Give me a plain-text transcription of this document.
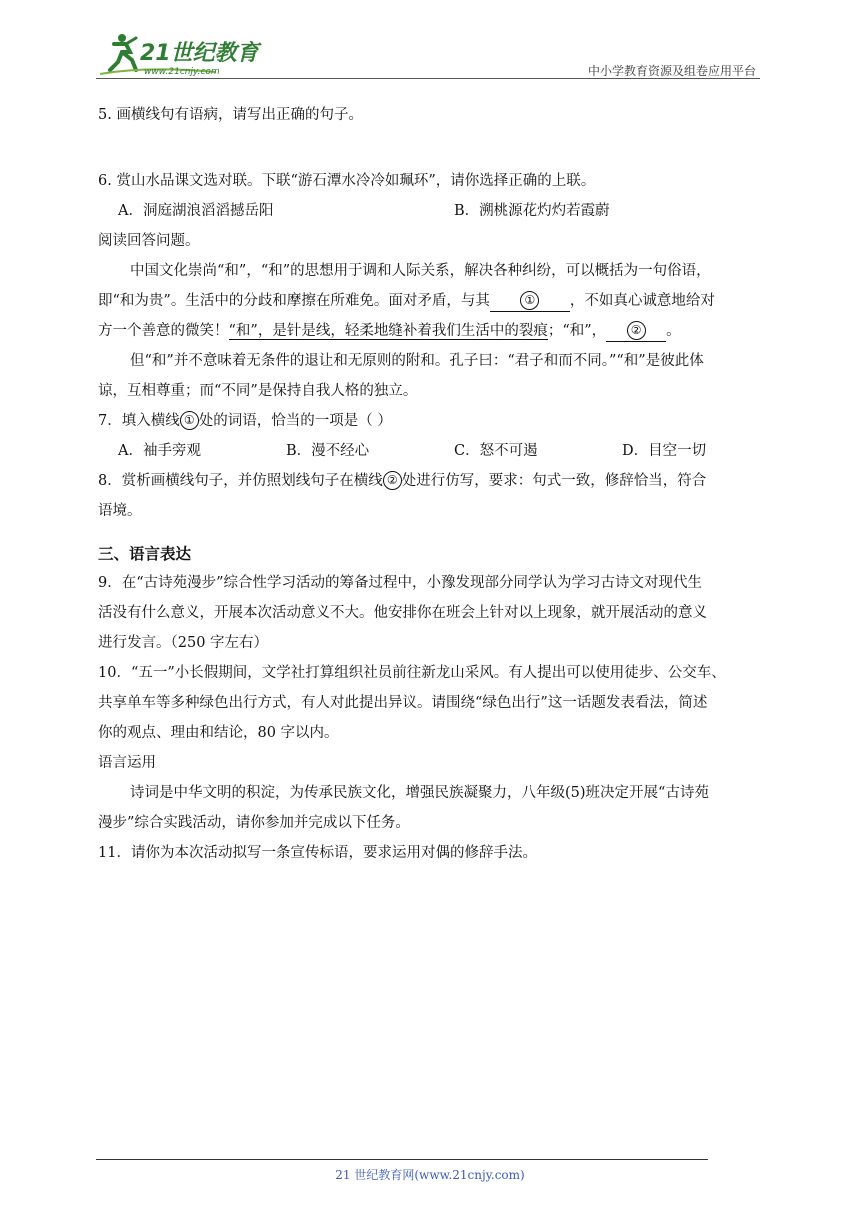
21世纪教育
www.21cnjy.com	中小学教育资源及组卷应用平台

5. 画横线句有语病，请写出正确的句子。

6. 赏山水品课文选对联。下联“游石潭水冷冷如珮环”，请你选择正确的上联。

A．洞庭湖浪滔滔撼岳阳	B．溯桃源花灼灼若霞蔚

阅读回答问题。

中国文化崇尚“和”，“和”的思想用于调和人际关系，解决各种纠纷，可以概括为一句俗语，

即“和为贵”。生活中的分歧和摩擦在所难免。面对矛盾，与其	① ，不如真心诚意地给对

方一个善意的微笑！“和”，是针是线，轻柔地缝补着我们生活中的裂痕；“和”， ② 。

但“和”并不意味着无条件的退让和无原则的附和。孔子曰：“君子和而不同。”“和”是彼此体

谅，互相尊重；而“不同”是保持自我人格的独立。

7．填入横线 ① 处的词语，恰当的一项是（ ）

A．袖手旁观	B．漫不经心	C．怒不可遏	D．目空一切

8．赏析画横线句子，并仿照划线句子在横线 ② 处进行仿写，要求：句式一致，修辞恰当，符合

语境。

三、语言表达

9．在“古诗苑漫步”综合性学习活动的筹备过程中，小豫发现部分同学认为学习古诗文对现代生

活没有什么意义，开展本次活动意义不大。他安排你在班会上针对以上现象，就开展活动的意义

进行发言。（250 字左右）

10．“五一”小长假期间，文学社打算组织社员前往新龙山采风。有人提出可以使用徒步、公交车、

共享单车等多种绿色出行方式，有人对此提出异议。请围绕“绿色出行”这一话题发表看法，简述

你的观点、理由和结论，80 字以内。

语言运用

诗词是中华文明的积淀，为传承民族文化，增强民族凝聚力，八年级(5)班决定开展“古诗苑

漫步”综合实践活动，请你参加并完成以下任务。

11．请你为本次活动拟写一条宣传标语，要求运用对偶的修辞手法。

21 世纪教育网(www.21cnjy.com)
